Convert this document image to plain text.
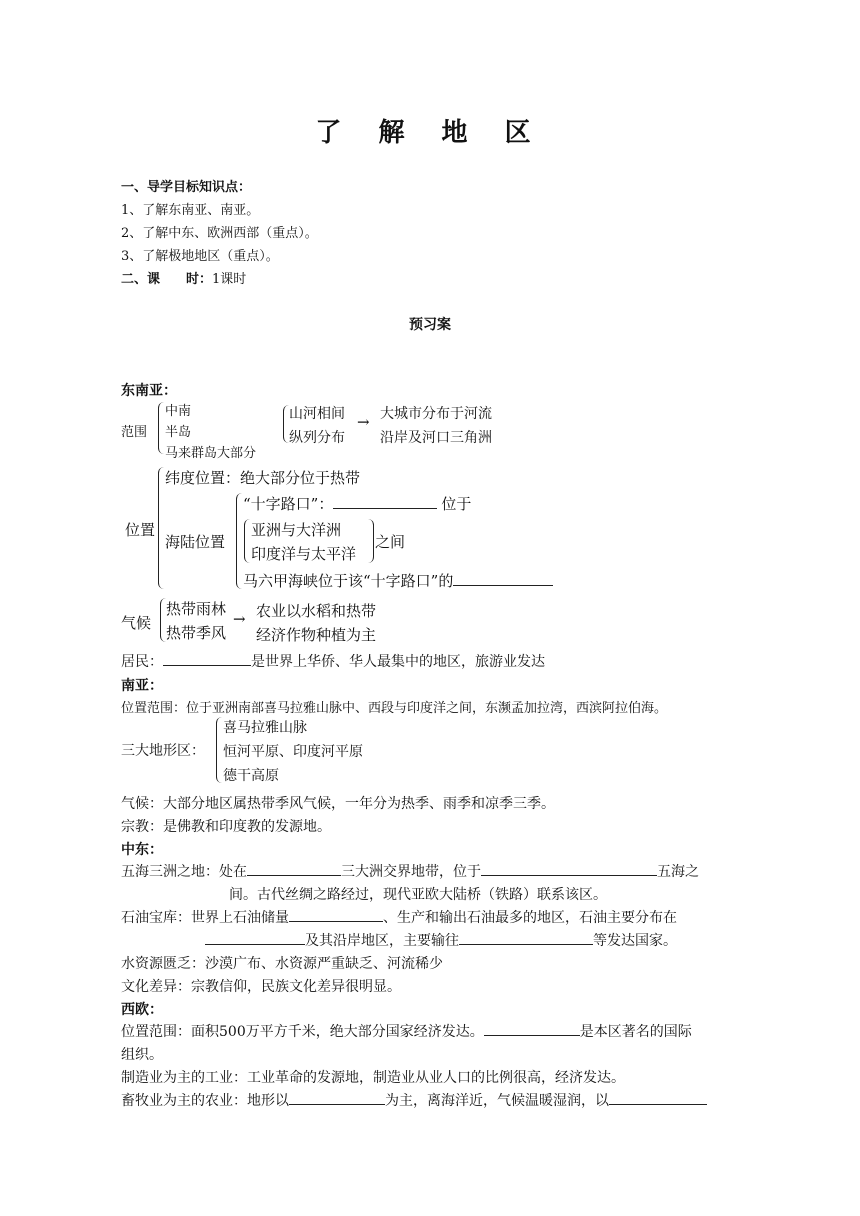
了 解 地 区
一、导学目标知识点：
1、了解东南亚、南亚。
2、了解中东、欧洲西部（重点）。
3、了解极地地区（重点）。
二、课　　时：1课时
预习案
东南亚：
范围
中南
半岛
马来群岛大部分
山河相间
纵列分布
→ 大城市分布于河流
沿岸及河口三角洲
位置
纬度位置：绝大部分位于热带
海陆位置
“十字路口”：	位于
亚洲与大洋洲
印度洋与太平洋
之间
马六甲海峡位于该“十字路口”的
气候
热带雨林
热带季风
→ 农业以水稻和热带
经济作物种植为主
居民：	是世界上华侨、华人最集中的地区，旅游业发达
南亚：
位置范围：位于亚洲南部喜马拉雅山脉中、西段与印度洋之间，东濒孟加拉湾，西滨阿拉伯海。
三大地形区：
喜马拉雅山脉
恒河平原、印度河平原
德干高原
气候：大部分地区属热带季风气候，一年分为热季、雨季和凉季三季。
宗教：是佛教和印度教的发源地。
中东：
五海三洲之地：处在	三大洲交界地带，位于	五海之
间。古代丝绸之路经过，现代亚欧大陆桥（铁路）联系该区。
石油宝库：世界上石油储量	、生产和输出石油最多的地区，石油主要分布在
及其沿岸地区，主要输往	等发达国家。
水资源匮乏：沙漠广布、水资源严重缺乏、河流稀少
文化差异：宗教信仰，民族文化差异很明显。
西欧：
位置范围：面积500万平方千米，绝大部分国家经济发达。	是本区著名的国际
组织。
制造业为主的工业：工业革命的发源地，制造业从业人口的比例很高，经济发达。
畜牧业为主的农业：地形以	为主，离海洋近，气候温暖湿润，以
